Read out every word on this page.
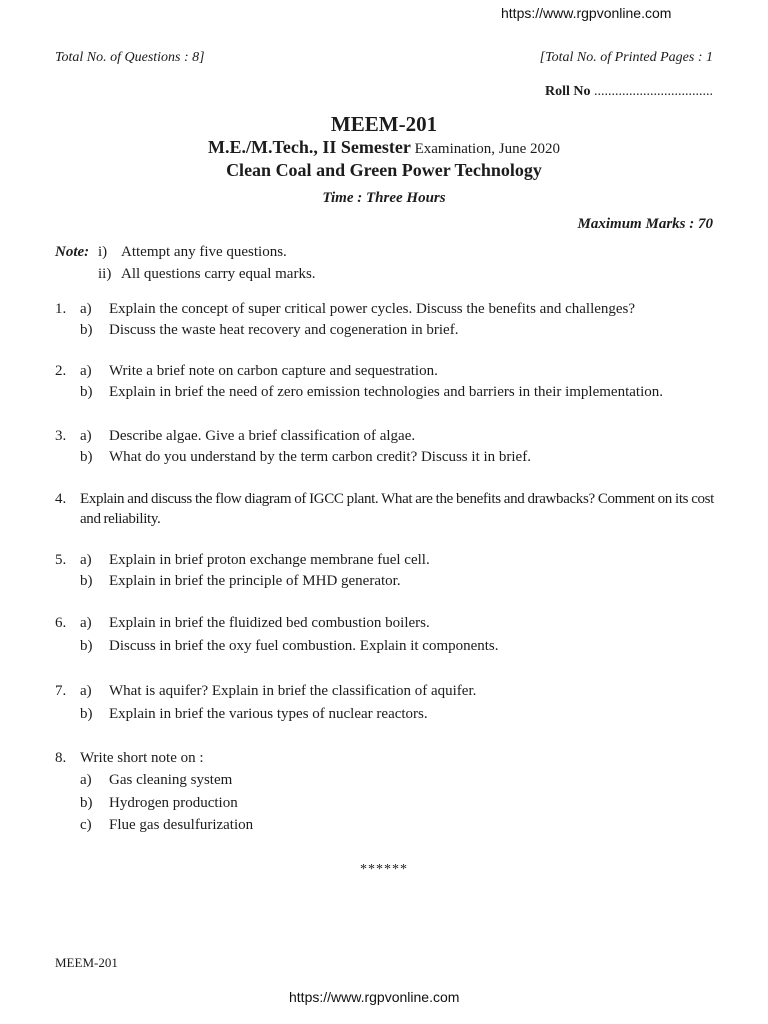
https://www.rgpvonline.com
Total No. of Questions : 8]	[Total No. of Printed Pages : 1
Roll No ..................................
MEEM-201
M.E./M.Tech., II Semester Examination, June 2020
Clean Coal and Green Power Technology
Time : Three Hours
Maximum Marks : 70
Note: i) Attempt any five questions.
ii) All questions carry equal marks.
1. a) Explain the concept of super critical power cycles. Discuss the benefits and challenges?
b) Discuss the waste heat recovery and cogeneration in brief.
2. a) Write a brief note on carbon capture and sequestration.
b) Explain in brief the need of zero emission technologies and barriers in their implementation.
3. a) Describe algae. Give a brief classification of algae.
b) What do you understand by the term carbon credit? Discuss it in brief.
4. Explain and discuss the flow diagram of IGCC plant. What are the benefits and drawbacks? Comment on its cost and reliability.
5. a) Explain in brief proton exchange membrane fuel cell.
b) Explain in brief the principle of MHD generator.
6. a) Explain in brief the fluidized bed combustion boilers.
b) Discuss in brief the oxy fuel combustion. Explain it components.
7. a) What is aquifer? Explain in brief the classification of aquifer.
b) Explain in brief the various types of nuclear reactors.
8. Write short note on :
a) Gas cleaning system
b) Hydrogen production
c) Flue gas desulfurization
******
MEEM-201
https://www.rgpvonline.com
